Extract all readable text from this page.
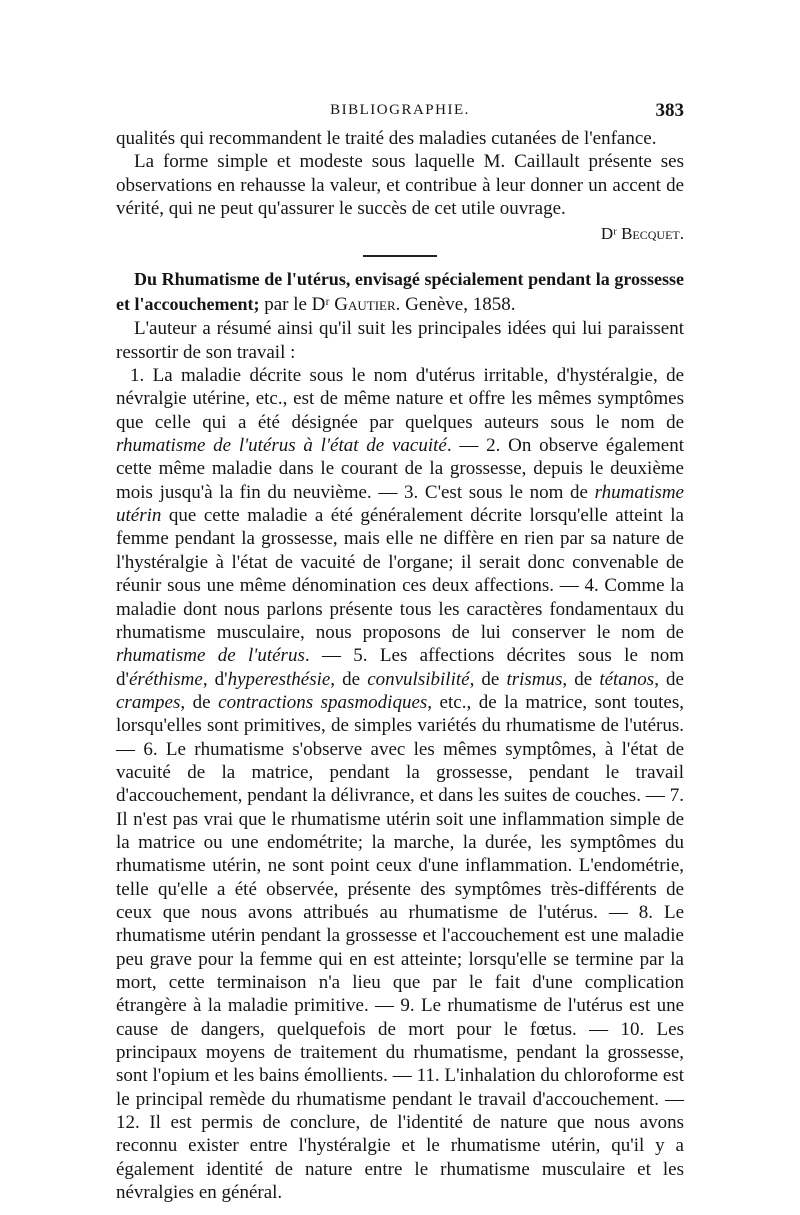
BIBLIOGRAPHIE.	383

qualités qui recommandent le traité des maladies cutanées de l'enfance.

La forme simple et modeste sous laquelle M. Caillault présente ses observations en rehausse la valeur, et contribue à leur donner un accent de vérité, qui ne peut qu'assurer le succès de cet utile ouvrage.

Dʳ Becquet.

Du Rhumatisme de l'utérus, envisagé spécialement pendant la grossesse et l'accouchement; par le Dʳ Gautier. Genève, 1858.

L'auteur a résumé ainsi qu'il suit les principales idées qui lui paraissent ressortir de son travail :

1. La maladie décrite sous le nom d'utérus irritable, d'hystéralgie, de névralgie utérine, etc., est de même nature et offre les mêmes symptômes que celle qui a été désignée par quelques auteurs sous le nom de rhumatisme de l'utérus à l'état de vacuité. — 2. On observe également cette même maladie dans le courant de la grossesse, depuis le deuxième mois jusqu'à la fin du neuvième. — 3. C'est sous le nom de rhumatisme utérin que cette maladie a été généralement décrite lorsqu'elle atteint la femme pendant la grossesse, mais elle ne diffère en rien par sa nature de l'hystéralgie à l'état de vacuité de l'organe; il serait donc convenable de réunir sous une même dénomination ces deux affections. — 4. Comme la maladie dont nous parlons présente tous les caractères fondamentaux du rhumatisme musculaire, nous proposons de lui conserver le nom de rhumatisme de l'utérus. — 5. Les affections décrites sous le nom d'éréthisme, d'hyperesthésie, de convulsibilité, de trismus, de tétanos, de crampes, de contractions spasmodiques, etc., de la matrice, sont toutes, lorsqu'elles sont primitives, de simples variétés du rhumatisme de l'utérus. — 6. Le rhumatisme s'observe avec les mêmes symptômes, à l'état de vacuité de la matrice, pendant la grossesse, pendant le travail d'accouchement, pendant la délivrance, et dans les suites de couches. — 7. Il n'est pas vrai que le rhumatisme utérin soit une inflammation simple de la matrice ou une endométrite; la marche, la durée, les symptômes du rhumatisme utérin, ne sont point ceux d'une inflammation. L'endométrie, telle qu'elle a été observée, présente des symptômes très-différents de ceux que nous avons attribués au rhumatisme de l'utérus. — 8. Le rhumatisme utérin pendant la grossesse et l'accouchement est une maladie peu grave pour la femme qui en est atteinte; lorsqu'elle se termine par la mort, cette terminaison n'a lieu que par le fait d'une complication étrangère à la maladie primitive. — 9. Le rhumatisme de l'utérus est une cause de dangers, quelquefois de mort pour le fœtus. — 10. Les principaux moyens de traitement du rhumatisme, pendant la grossesse, sont l'opium et les bains émollients. — 11. L'inhalation du chloroforme est le principal remède du rhumatisme pendant le travail d'accouchement. — 12. Il est permis de conclure, de l'identité de nature que nous avons reconnu exister entre l'hystéralgie et le rhumatisme utérin, qu'il y a également identité de nature entre le rhumatisme musculaire et les névralgies en général.
